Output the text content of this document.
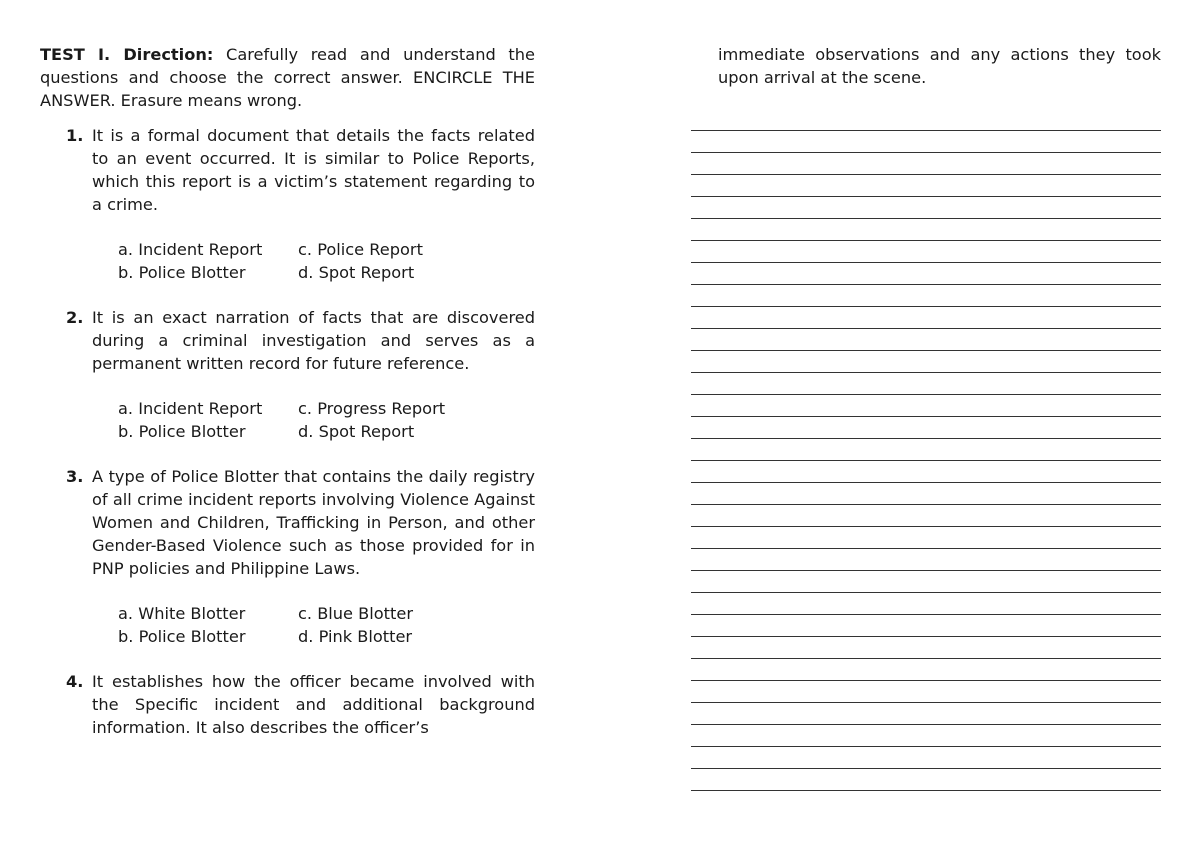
TEST I. Direction: Carefully read and understand the questions and choose the correct answer. ENCIRCLE THE ANSWER. Erasure means wrong.

1. It is a formal document that details the facts related to an event occurred. It is similar to Police Reports, which this report is a victim’s statement regarding to a crime.
a. Incident Report	c. Police Report
b. Police Blotter	d. Spot Report
2. It is an exact narration of facts that are discovered during a criminal investigation and serves as a permanent written record for future reference.
a. Incident Report	c. Progress Report
b. Police Blotter	d. Spot Report
3. A type of Police Blotter that contains the daily registry of all crime incident reports involving Violence Against Women and Children, Trafficking in Person, and other Gender-Based Violence such as those provided for in PNP policies and Philippine Laws.
a. White Blotter	c. Blue Blotter
b. Police Blotter	d. Pink Blotter
4. It establishes how the officer became involved with the Specific incident and additional background information. It also describes the officer’s

immediate observations and any actions they took upon arrival at the scene.
